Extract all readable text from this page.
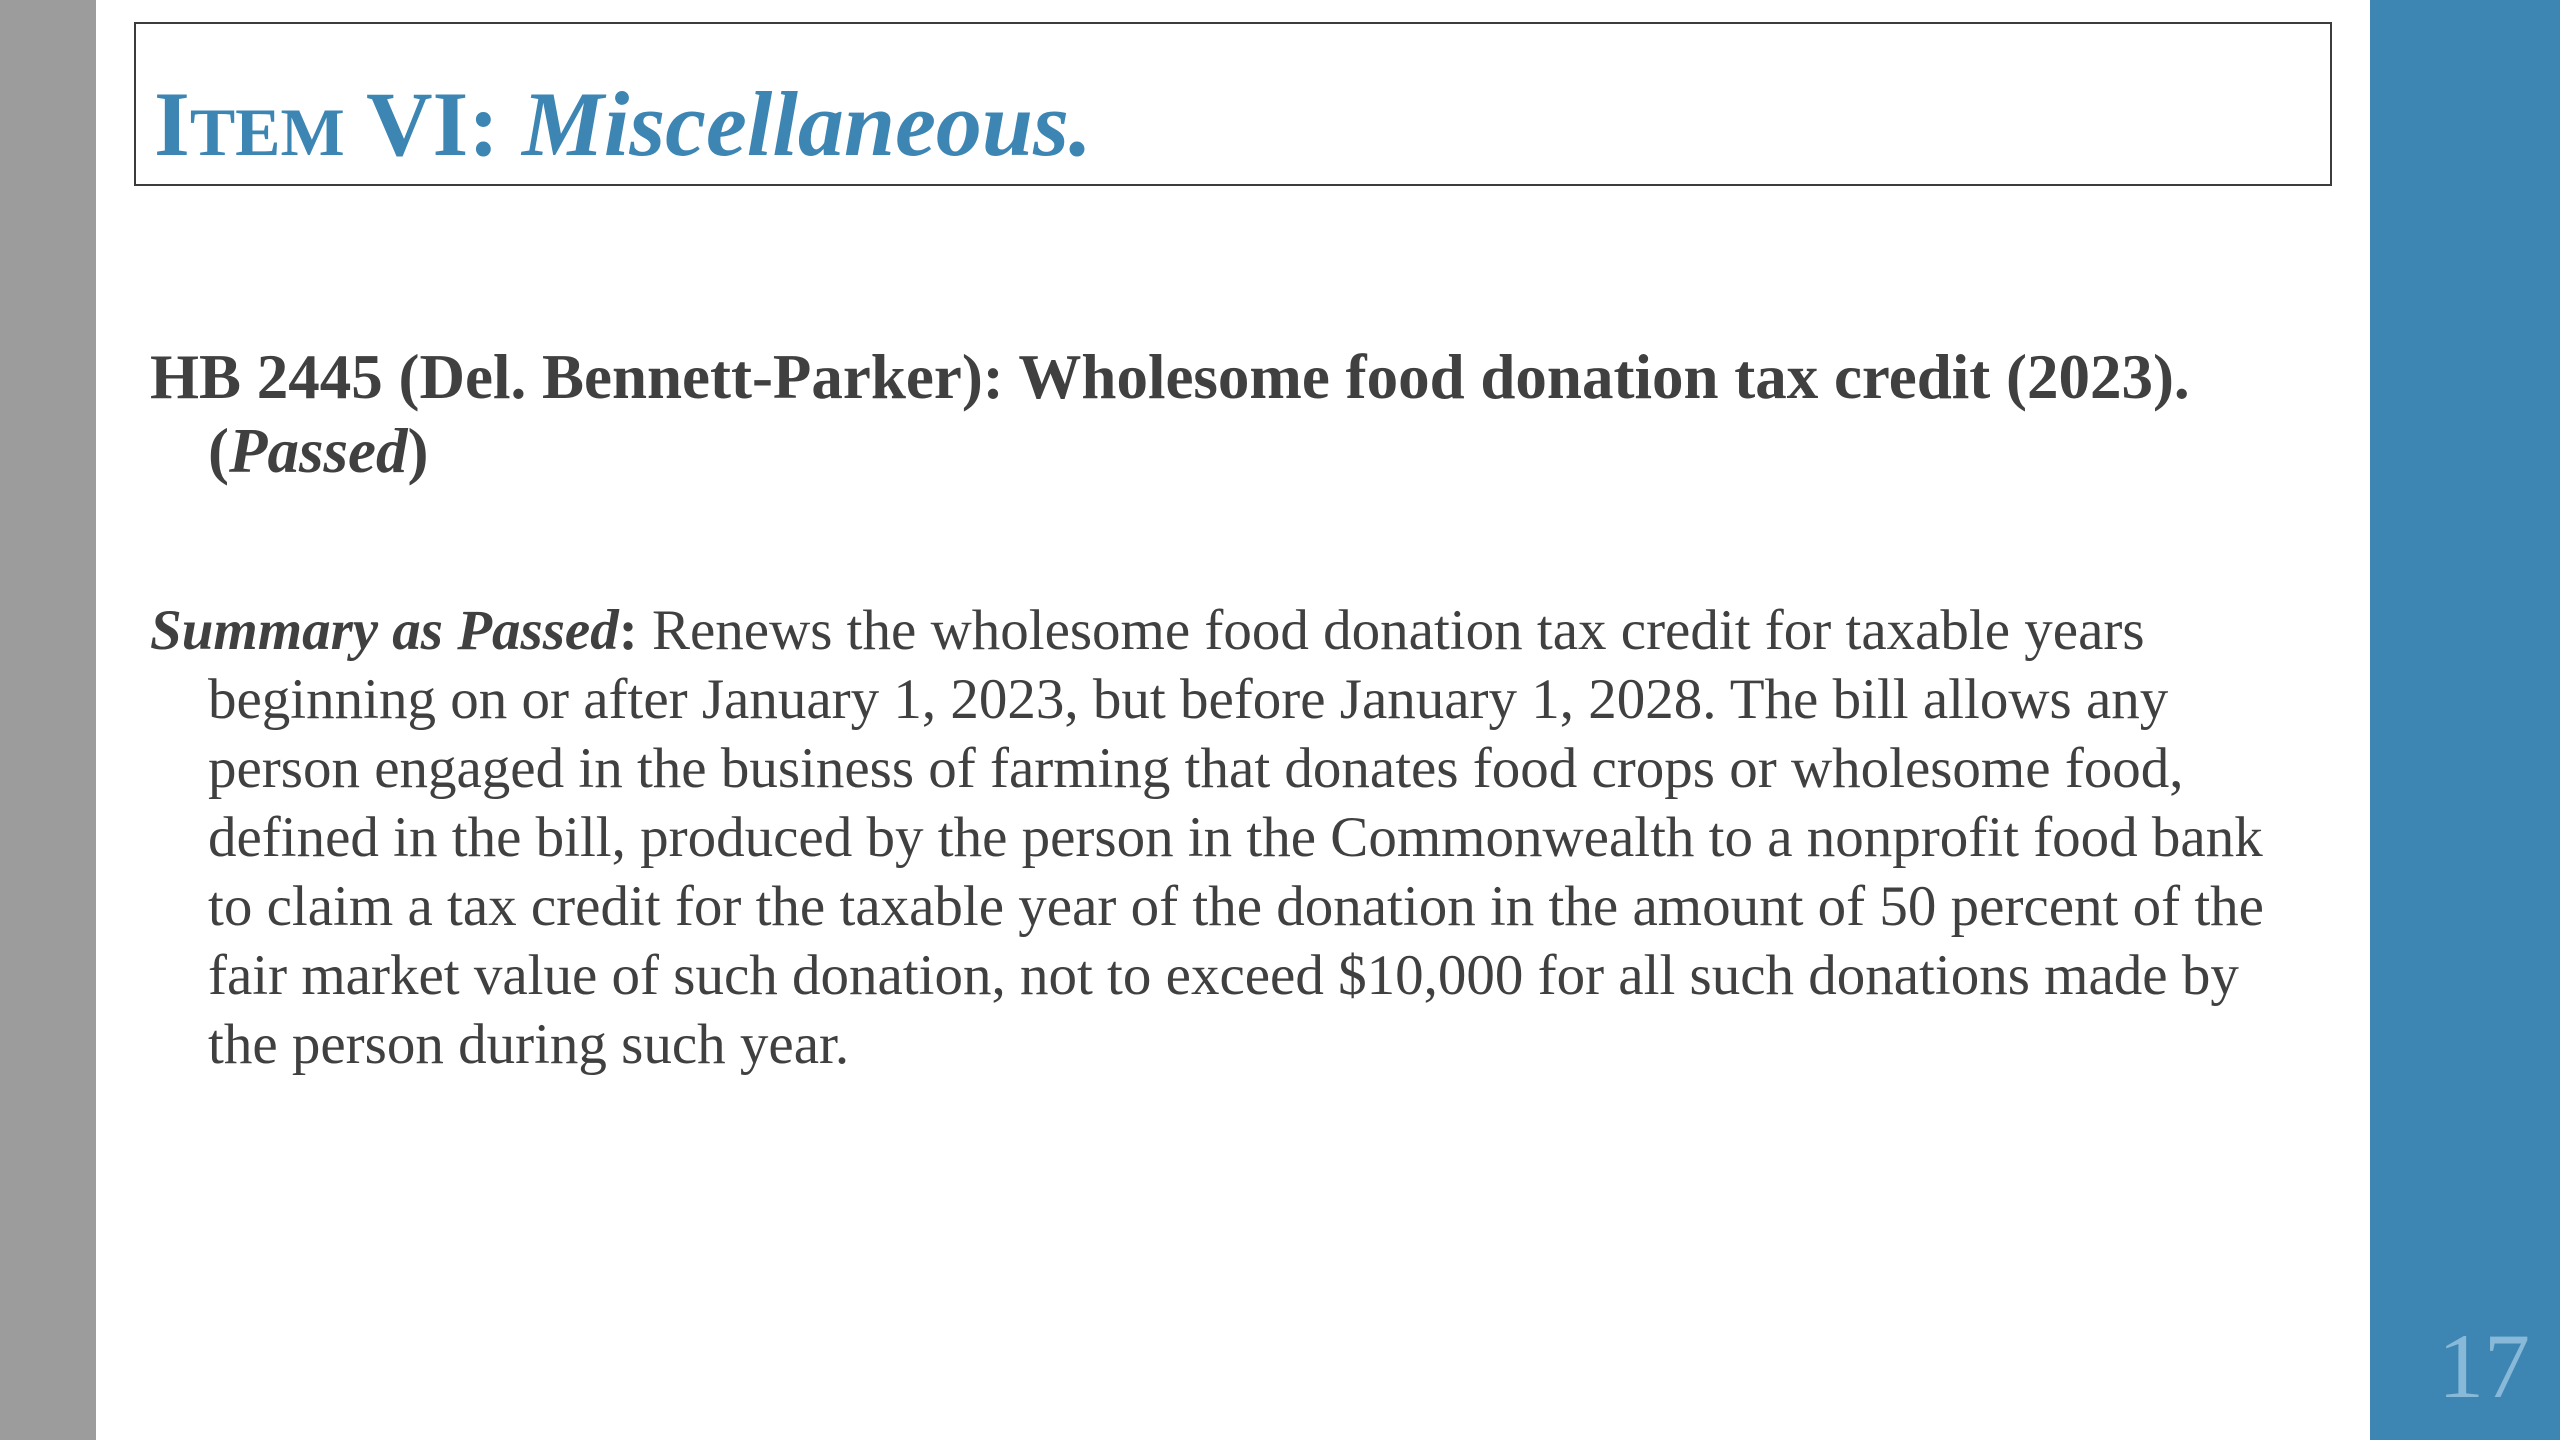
ITEM VI: Miscellaneous.

HB 2445 (Del. Bennett-Parker): Wholesome food donation tax credit (2023). (Passed)

Summary as Passed: Renews the wholesome food donation tax credit for taxable years beginning on or after January 1, 2023, but before January 1, 2028. The bill allows any person engaged in the business of farming that donates food crops or wholesome food, defined in the bill, produced by the person in the Commonwealth to a nonprofit food bank to claim a tax credit for the taxable year of the donation in the amount of 50 percent of the fair market value of such donation, not to exceed $10,000 for all such donations made by the person during such year.

17
